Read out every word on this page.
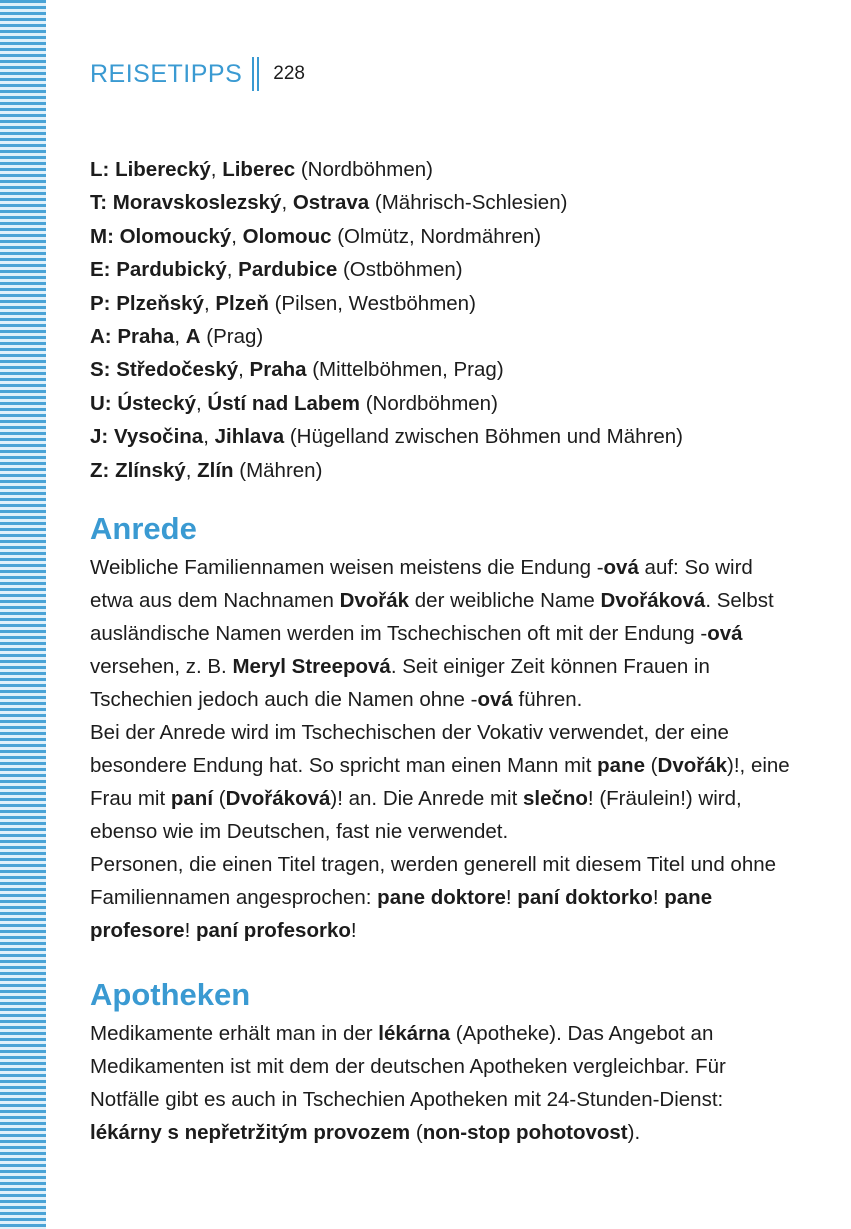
REISETIPPS 228
L: Liberecký, Liberec (Nordböhmen)
T: Moravskoslezský, Ostrava (Mährisch-Schlesien)
M: Olomoucký, Olomouc (Olmütz, Nordmähren)
E: Pardubický, Pardubice (Ostböhmen)
P: Plzeňský, Plzeň (Pilsen, Westböhmen)
A: Praha, A (Prag)
S: Středočeský, Praha (Mittelböhmen, Prag)
U: Ústecký, Ústí nad Labem (Nordböhmen)
J: Vysočina, Jihlava (Hügelland zwischen Böhmen und Mähren)
Z: Zlínský, Zlín (Mähren)
Anrede

Weibliche Familiennamen weisen meistens die Endung -ová auf: So wird etwa aus dem Nachnamen Dvořák der weibliche Name Dvořáková. Selbst ausländische Namen werden im Tschechischen oft mit der Endung -ová versehen, z. B. Meryl Streepová. Seit einiger Zeit können Frauen in Tschechien jedoch auch die Namen ohne -ová führen.

Bei der Anrede wird im Tschechischen der Vokativ verwendet, der eine besondere Endung hat. So spricht man einen Mann mit pane (Dvořák)!, eine Frau mit paní (Dvořáková)! an. Die Anrede mit slečno! (Fräulein!) wird, ebenso wie im Deutschen, fast nie verwendet.

Personen, die einen Titel tragen, werden generell mit diesem Titel und ohne Familiennamen angesprochen: pane doktore! paní doktorko! pane profesore! paní profesorko!

Apotheken

Medikamente erhält man in der lékárna (Apotheke). Das Angebot an Medikamenten ist mit dem der deutschen Apotheken vergleichbar. Für Notfälle gibt es auch in Tschechien Apotheken mit 24-Stunden-Dienst: lékárny s nepřetržitým provozem (non-stop pohotovost).
